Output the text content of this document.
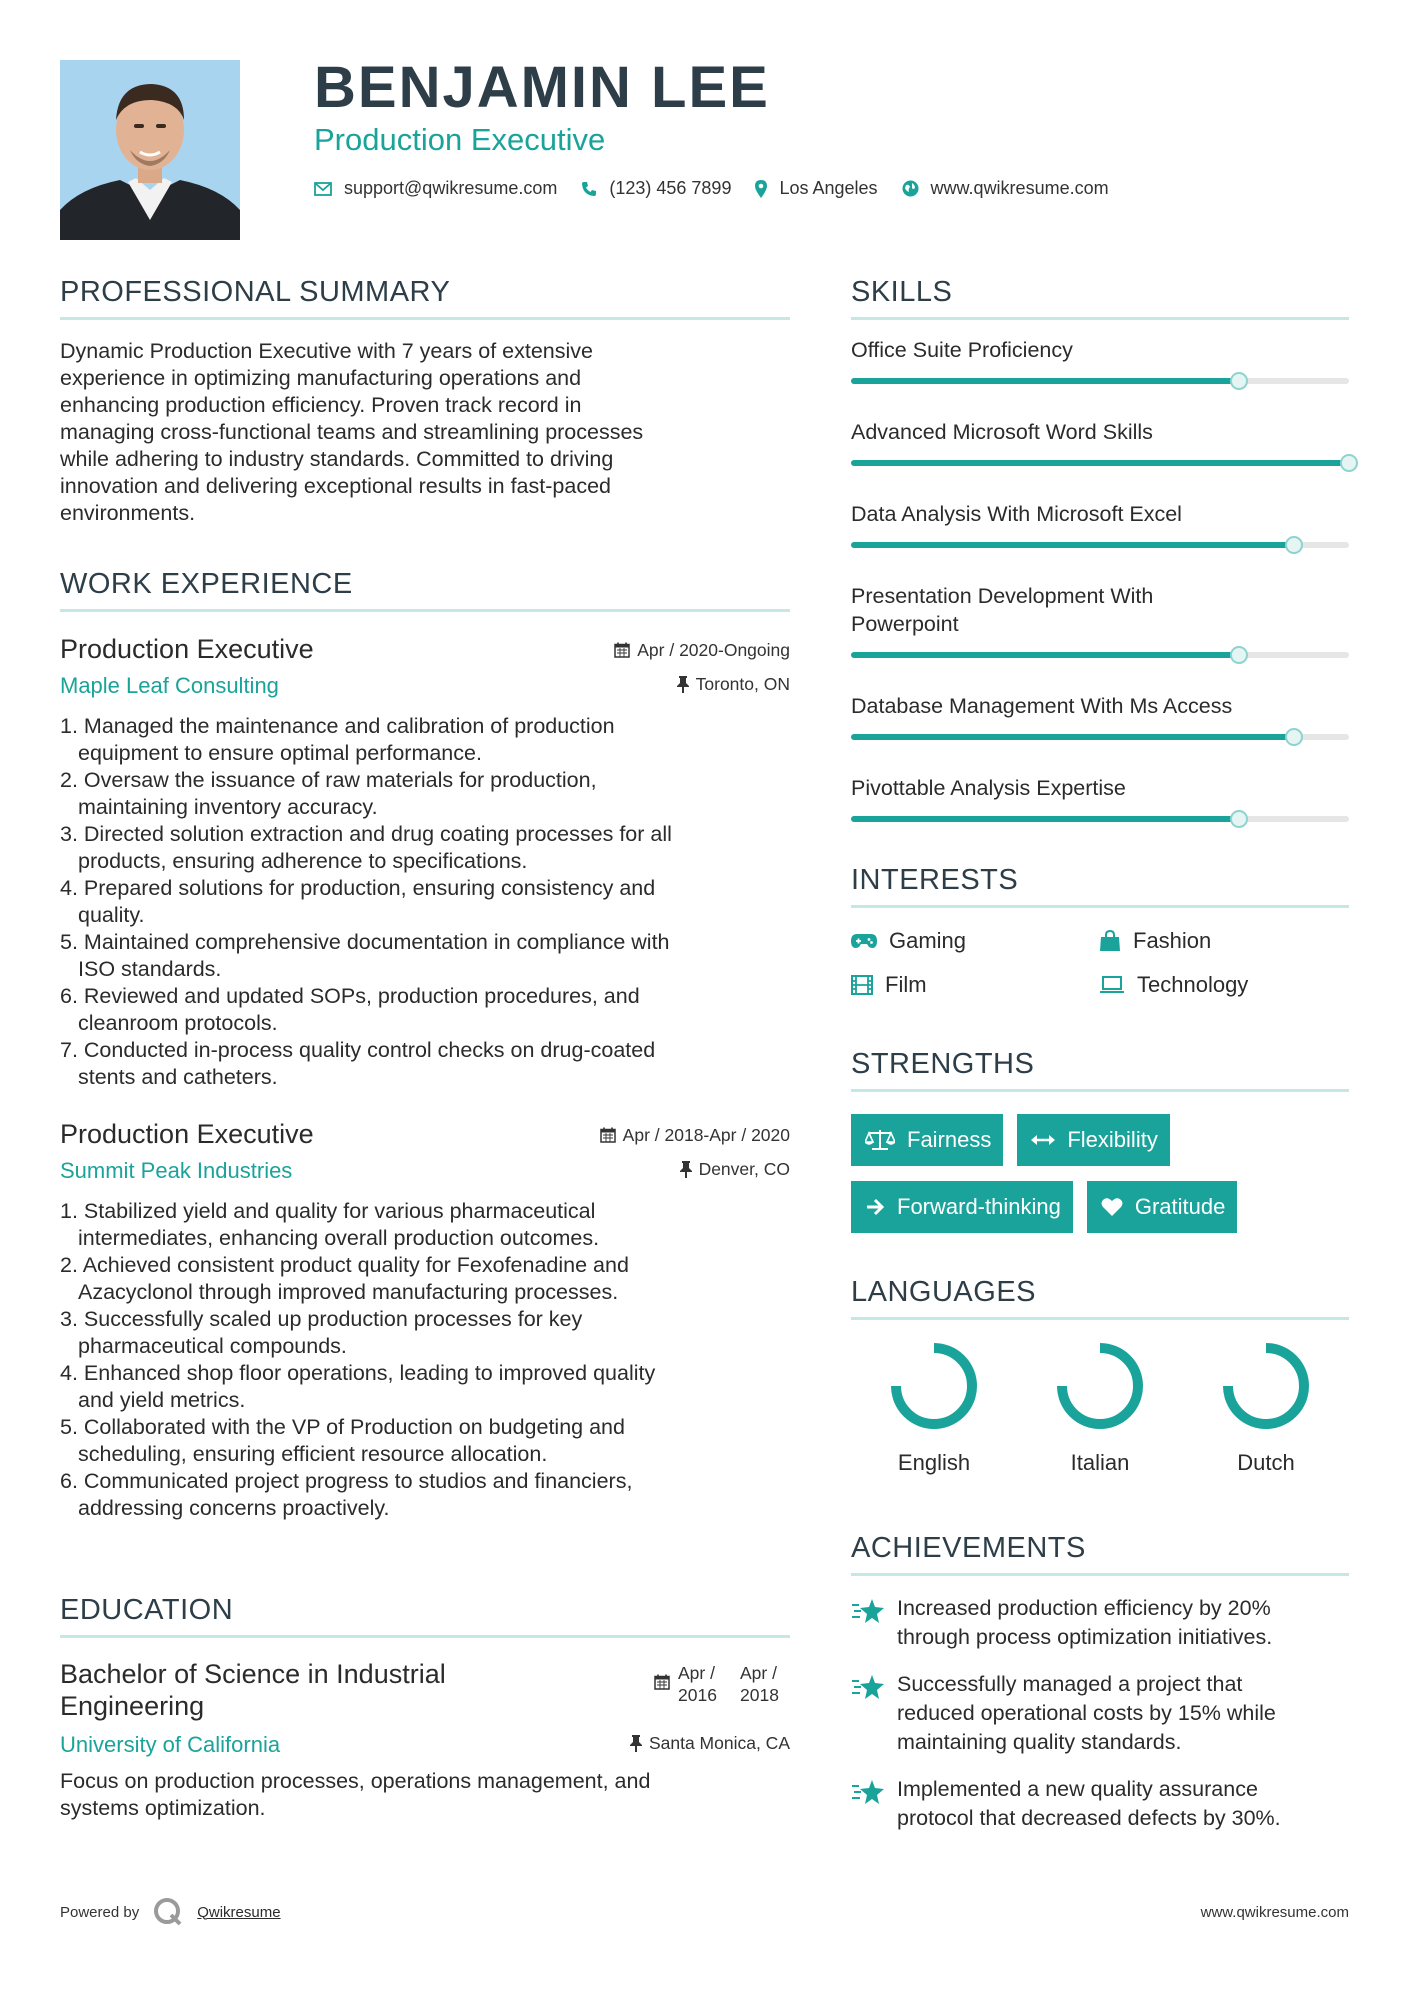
BENJAMIN LEE
Production Executive
support@qwikresume.com	(123) 456 7899	Los Angeles	www.qwikresume.com
PROFESSIONAL SUMMARY
Dynamic Production Executive with 7 years of extensive
experience in optimizing manufacturing operations and
enhancing production efficiency. Proven track record in
managing cross-functional teams and streamlining processes
while adhering to industry standards. Committed to driving
innovation and delivering exceptional results in fast-paced
environments.
WORK EXPERIENCE
Production Executive	Apr / 2020-Ongoing
Maple Leaf Consulting	Toronto, ON
1. Managed the maintenance and calibration of production
equipment to ensure optimal performance.
2. Oversaw the issuance of raw materials for production,
maintaining inventory accuracy.
3. Directed solution extraction and drug coating processes for all
products, ensuring adherence to specifications.
4. Prepared solutions for production, ensuring consistency and
quality.
5. Maintained comprehensive documentation in compliance with
ISO standards.
6. Reviewed and updated SOPs, production procedures, and
cleanroom protocols.
7. Conducted in-process quality control checks on drug-coated
stents and catheters.
Production Executive	Apr / 2018-Apr / 2020
Summit Peak Industries	Denver, CO
1. Stabilized yield and quality for various pharmaceutical
intermediates, enhancing overall production outcomes.
2. Achieved consistent product quality for Fexofenadine and
Azacyclonol through improved manufacturing processes.
3. Successfully scaled up production processes for key
pharmaceutical compounds.
4. Enhanced shop floor operations, leading to improved quality
and yield metrics.
5. Collaborated with the VP of Production on budgeting and
scheduling, ensuring efficient resource allocation.
6. Communicated project progress to studios and financiers,
addressing concerns proactively.
EDUCATION
Bachelor of Science in Industrial Engineering
Apr / 2016
Apr / 2018
University of California	Santa Monica, CA
Focus on production processes, operations management, and
systems optimization.
SKILLS
Office Suite Proficiency
Advanced Microsoft Word Skills
Data Analysis With Microsoft Excel
Presentation Development With Powerpoint
Database Management With Ms Access
Pivottable Analysis Expertise
INTERESTS
Gaming	Fashion
Film	Technology
STRENGTHS
Fairness	Flexibility
Forward-thinking	Gratitude
LANGUAGES
English	Italian	Dutch
ACHIEVEMENTS
Increased production efficiency by 20%
through process optimization initiatives.
Successfully managed a project that
reduced operational costs by 15% while
maintaining quality standards.
Implemented a new quality assurance
protocol that decreased defects by 30%.
Powered by	Qwikresume	www.qwikresume.com
